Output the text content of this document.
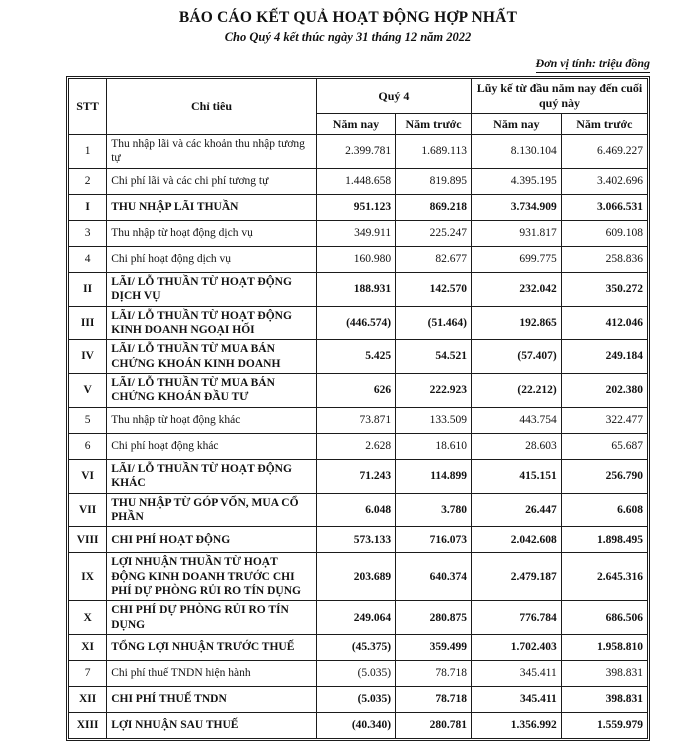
BÁO CÁO KẾT QUẢ HOẠT ĐỘNG HỢP NHẤT
Cho Quý 4 kết thúc ngày 31 tháng 12 năm 2022
Đơn vị tính: triệu đồng
STT	Chỉ tiêu	Quý 4		Lũy kế từ đầu năm nay đến cuối quý này	
		Năm nay	Năm trước	Năm nay	Năm trước
1	Thu nhập lãi và các khoản thu nhập tương tự	2.399.781	1.689.113	8.130.104	6.469.227
2	Chi phí lãi và các chi phí tương tự	1.448.658	819.895	4.395.195	3.402.696
I	THU NHẬP LÃI THUẦN	951.123	869.218	3.734.909	3.066.531
3	Thu nhập từ hoạt động dịch vụ	349.911	225.247	931.817	609.108
4	Chi phí hoạt động dịch vụ	160.980	82.677	699.775	258.836
II	LÃI/ LỖ THUẦN TỪ HOẠT ĐỘNG DỊCH VỤ	188.931	142.570	232.042	350.272
III	LÃI/ LỖ THUẦN TỪ HOẠT ĐỘNG KINH DOANH NGOẠI HỐI	(446.574)	(51.464)	192.865	412.046
IV	LÃI/ LỖ THUẦN TỪ MUA BÁN CHỨNG KHOÁN KINH DOANH	5.425	54.521	(57.407)	249.184
V	LÃI/ LỖ THUẦN TỪ MUA BÁN CHỨNG KHOÁN ĐẦU TƯ	626	222.923	(22.212)	202.380
5	Thu nhập từ hoạt động khác	73.871	133.509	443.754	322.477
6	Chi phí hoạt động khác	2.628	18.610	28.603	65.687
VI	LÃI/ LỖ THUẦN TỪ HOẠT ĐỘNG KHÁC	71.243	114.899	415.151	256.790
VII	THU NHẬP TỪ GÓP VỐN, MUA CỔ PHẦN	6.048	3.780	26.447	6.608
VIII	CHI PHÍ HOẠT ĐỘNG	573.133	716.073	2.042.608	1.898.495
IX	LỢI NHUẬN THUẦN TỪ HOẠT ĐỘNG KINH DOANH TRƯỚC CHI PHÍ DỰ PHÒNG RỦI RO TÍN DỤNG	203.689	640.374	2.479.187	2.645.316
X	CHI PHÍ DỰ PHÒNG RỦI RO TÍN DỤNG	249.064	280.875	776.784	686.506
XI	TỔNG LỢI NHUẬN TRƯỚC THUẾ	(45.375)	359.499	1.702.403	1.958.810
7	Chi phí thuế TNDN hiện hành	(5.035)	78.718	345.411	398.831
XII	CHI PHÍ THUẾ TNDN	(5.035)	78.718	345.411	398.831
XIII	LỢI NHUẬN SAU THUẾ	(40.340)	280.781	1.356.992	1.559.979
